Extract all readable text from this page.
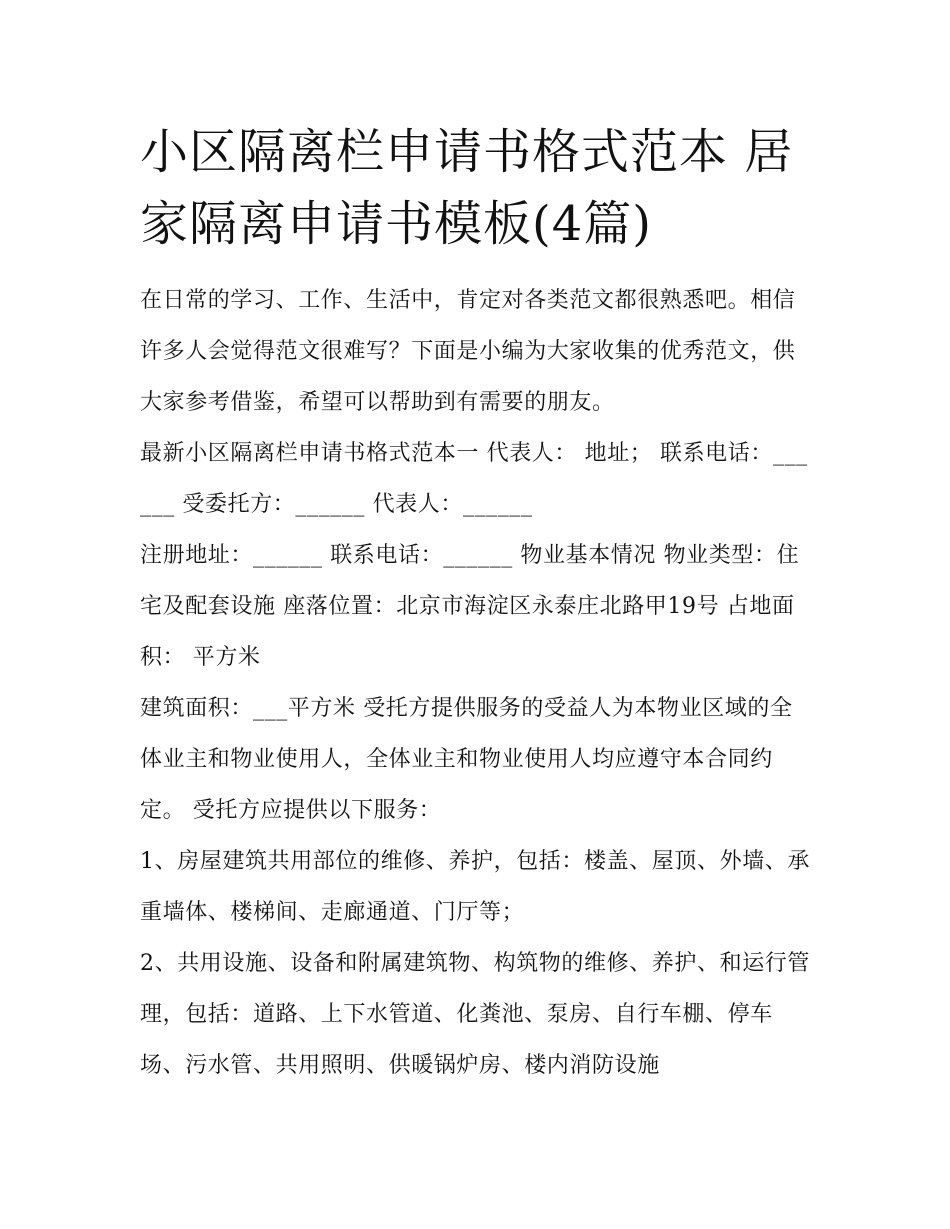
小区隔离栏申请书格式范本 居家隔离申请书模板(4篇)

在日常的学习、工作、生活中，肯定对各类范文都很熟悉吧。相信许多人会觉得范文很难写？下面是小编为大家收集的优秀范文，供大家参考借鉴，希望可以帮助到有需要的朋友。

最新小区隔离栏申请书格式范本一 代表人： 地址； 联系电话：______ 受委托方：______ 代表人：______

注册地址：______ 联系电话：______ 物业基本情况 物业类型：住宅及配套设施 座落位置：北京市海淀区永泰庄北路甲19号 占地面积： 平方米

建筑面积：___平方米 受托方提供服务的受益人为本物业区域的全体业主和物业使用人，全体业主和物业使用人均应遵守本合同约定。 受托方应提供以下服务：

1、房屋建筑共用部位的维修、养护，包括：楼盖、屋顶、外墙、承重墙体、楼梯间、走廊通道、门厅等；

2、共用设施、设备和附属建筑物、构筑物的维修、养护、和运行管理，包括：道路、上下水管道、化粪池、泵房、自行车棚、停车场、污水管、共用照明、供暖锅炉房、楼内消防设施
